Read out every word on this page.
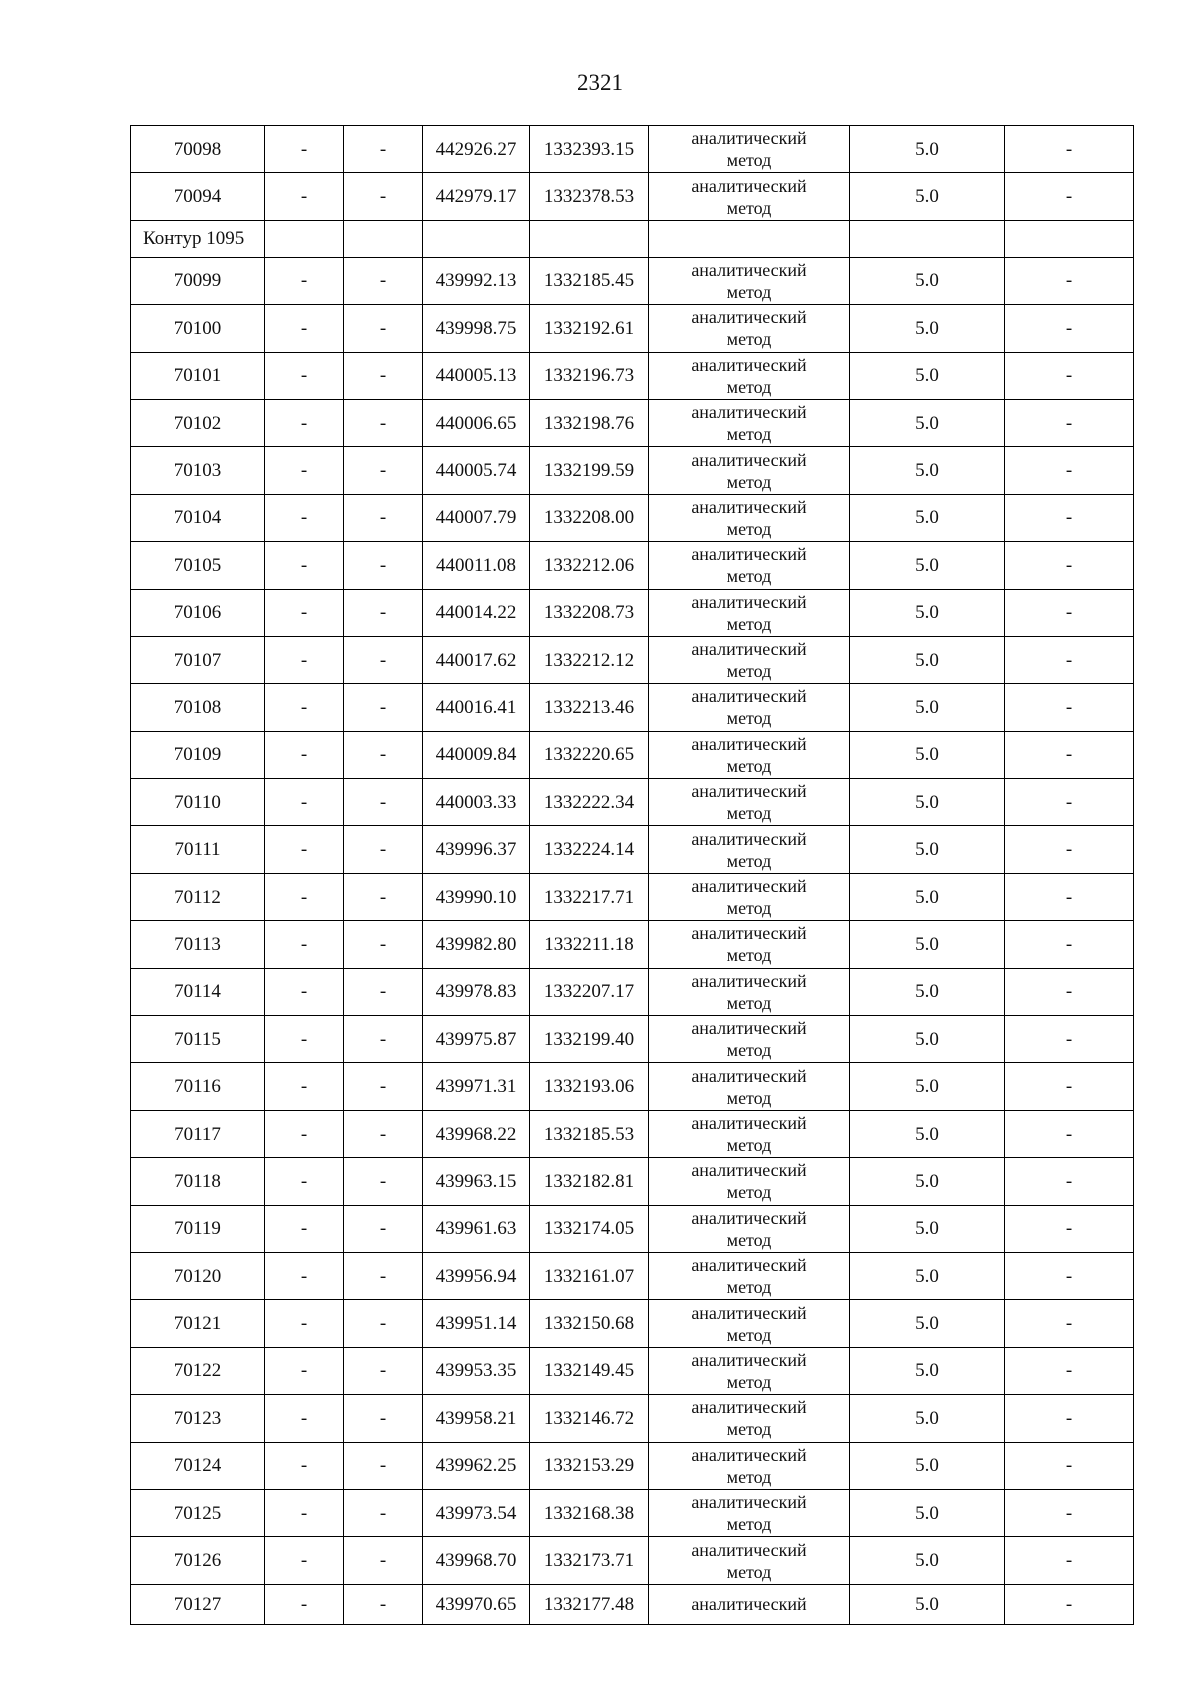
2321
70098	-	-	442926.27	1332393.15	аналитический
метод	5.0	-
70094	-	-	442979.17	1332378.53	аналитический
метод	5.0	-
Контур 1095							
70099	-	-	439992.13	1332185.45	аналитический
метод	5.0	-
70100	-	-	439998.75	1332192.61	аналитический
метод	5.0	-
70101	-	-	440005.13	1332196.73	аналитический
метод	5.0	-
70102	-	-	440006.65	1332198.76	аналитический
метод	5.0	-
70103	-	-	440005.74	1332199.59	аналитический
метод	5.0	-
70104	-	-	440007.79	1332208.00	аналитический
метод	5.0	-
70105	-	-	440011.08	1332212.06	аналитический
метод	5.0	-
70106	-	-	440014.22	1332208.73	аналитический
метод	5.0	-
70107	-	-	440017.62	1332212.12	аналитический
метод	5.0	-
70108	-	-	440016.41	1332213.46	аналитический
метод	5.0	-
70109	-	-	440009.84	1332220.65	аналитический
метод	5.0	-
70110	-	-	440003.33	1332222.34	аналитический
метод	5.0	-
70111	-	-	439996.37	1332224.14	аналитический
метод	5.0	-
70112	-	-	439990.10	1332217.71	аналитический
метод	5.0	-
70113	-	-	439982.80	1332211.18	аналитический
метод	5.0	-
70114	-	-	439978.83	1332207.17	аналитический
метод	5.0	-
70115	-	-	439975.87	1332199.40	аналитический
метод	5.0	-
70116	-	-	439971.31	1332193.06	аналитический
метод	5.0	-
70117	-	-	439968.22	1332185.53	аналитический
метод	5.0	-
70118	-	-	439963.15	1332182.81	аналитический
метод	5.0	-
70119	-	-	439961.63	1332174.05	аналитический
метод	5.0	-
70120	-	-	439956.94	1332161.07	аналитический
метод	5.0	-
70121	-	-	439951.14	1332150.68	аналитический
метод	5.0	-
70122	-	-	439953.35	1332149.45	аналитический
метод	5.0	-
70123	-	-	439958.21	1332146.72	аналитический
метод	5.0	-
70124	-	-	439962.25	1332153.29	аналитический
метод	5.0	-
70125	-	-	439973.54	1332168.38	аналитический
метод	5.0	-
70126	-	-	439968.70	1332173.71	аналитический
метод	5.0	-
70127	-	-	439970.65	1332177.48	аналитический	5.0	-
